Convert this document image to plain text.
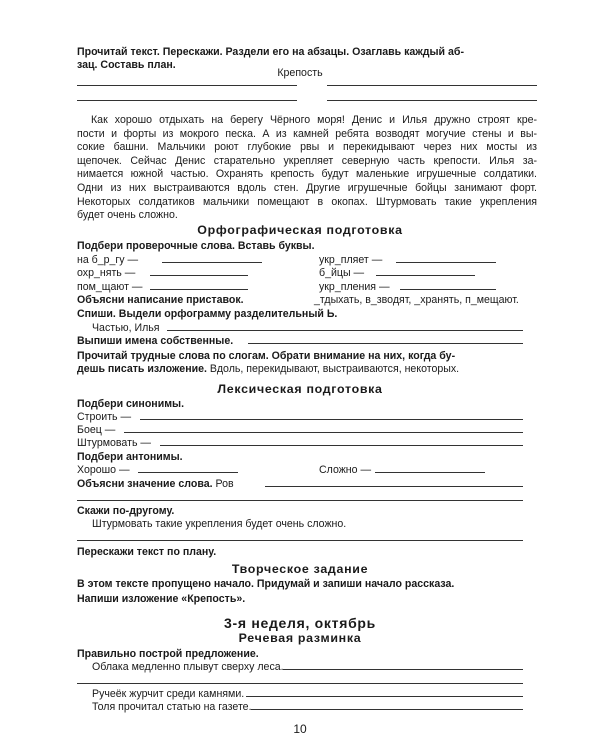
Прочитай текст. Перескажи. Раздели его на абзацы. Озаглавь каждый аб-
зац. Составь план.
Крепость
Как хорошо отдыхать на берегу Чёрного моря! Денис и Илья дружно строят кре-
пости и форты из мокрого песка. А из камней ребята возводят могучие стены и вы-
сокие башни. Мальчики роют глубокие рвы и перекидывают через них мосты из
щепочек. Сейчас Денис старательно укрепляет северную часть крепости. Илья за-
нимается южной частью. Охранять крепость будут маленькие игрушечные солдатики.
Одни из них выстраиваются вдоль стен. Другие игрушечные бойцы занимают форт.
Некоторых солдатиков мальчики помещают в окопах. Штурмовать такие укрепления
будет очень сложно.
Орфографическая подготовка
Подбери проверочные слова. Вставь буквы.
на б_р_гу —	укр_пляет —
охр_нять —	б_йцы —
пом_щают —	укр_пления —
Объясни написание приставок.	_тдыхать, в_зводят, _хранять, п_мещают.
Спиши. Выдели орфограмму разделительный Ь.
Частью, Илья
Выпиши имена собственные.
Прочитай трудные слова по слогам. Обрати внимание на них, когда бу-
дешь писать изложение. Вдоль, перекидывают, выстраиваются, некоторых.
Лексическая подготовка
Подбери синонимы.
Строить —
Боец —
Штурмовать —
Подбери антонимы.
Хорошо —	Сложно —
Объясни значение слова. Ров
Скажи по-другому.
Штурмовать такие укрепления будет очень сложно.
Перескажи текст по плану.
Творческое задание
В этом тексте пропущено начало. Придумай и запиши начало рассказа.
Напиши изложение «Крепость».
3-я неделя, октябрь
Речевая разминка
Правильно построй предложение.
Облака медленно плывут сверху леса.
Ручеёк журчит среди камнями.
Толя прочитал статью на газете.
10
